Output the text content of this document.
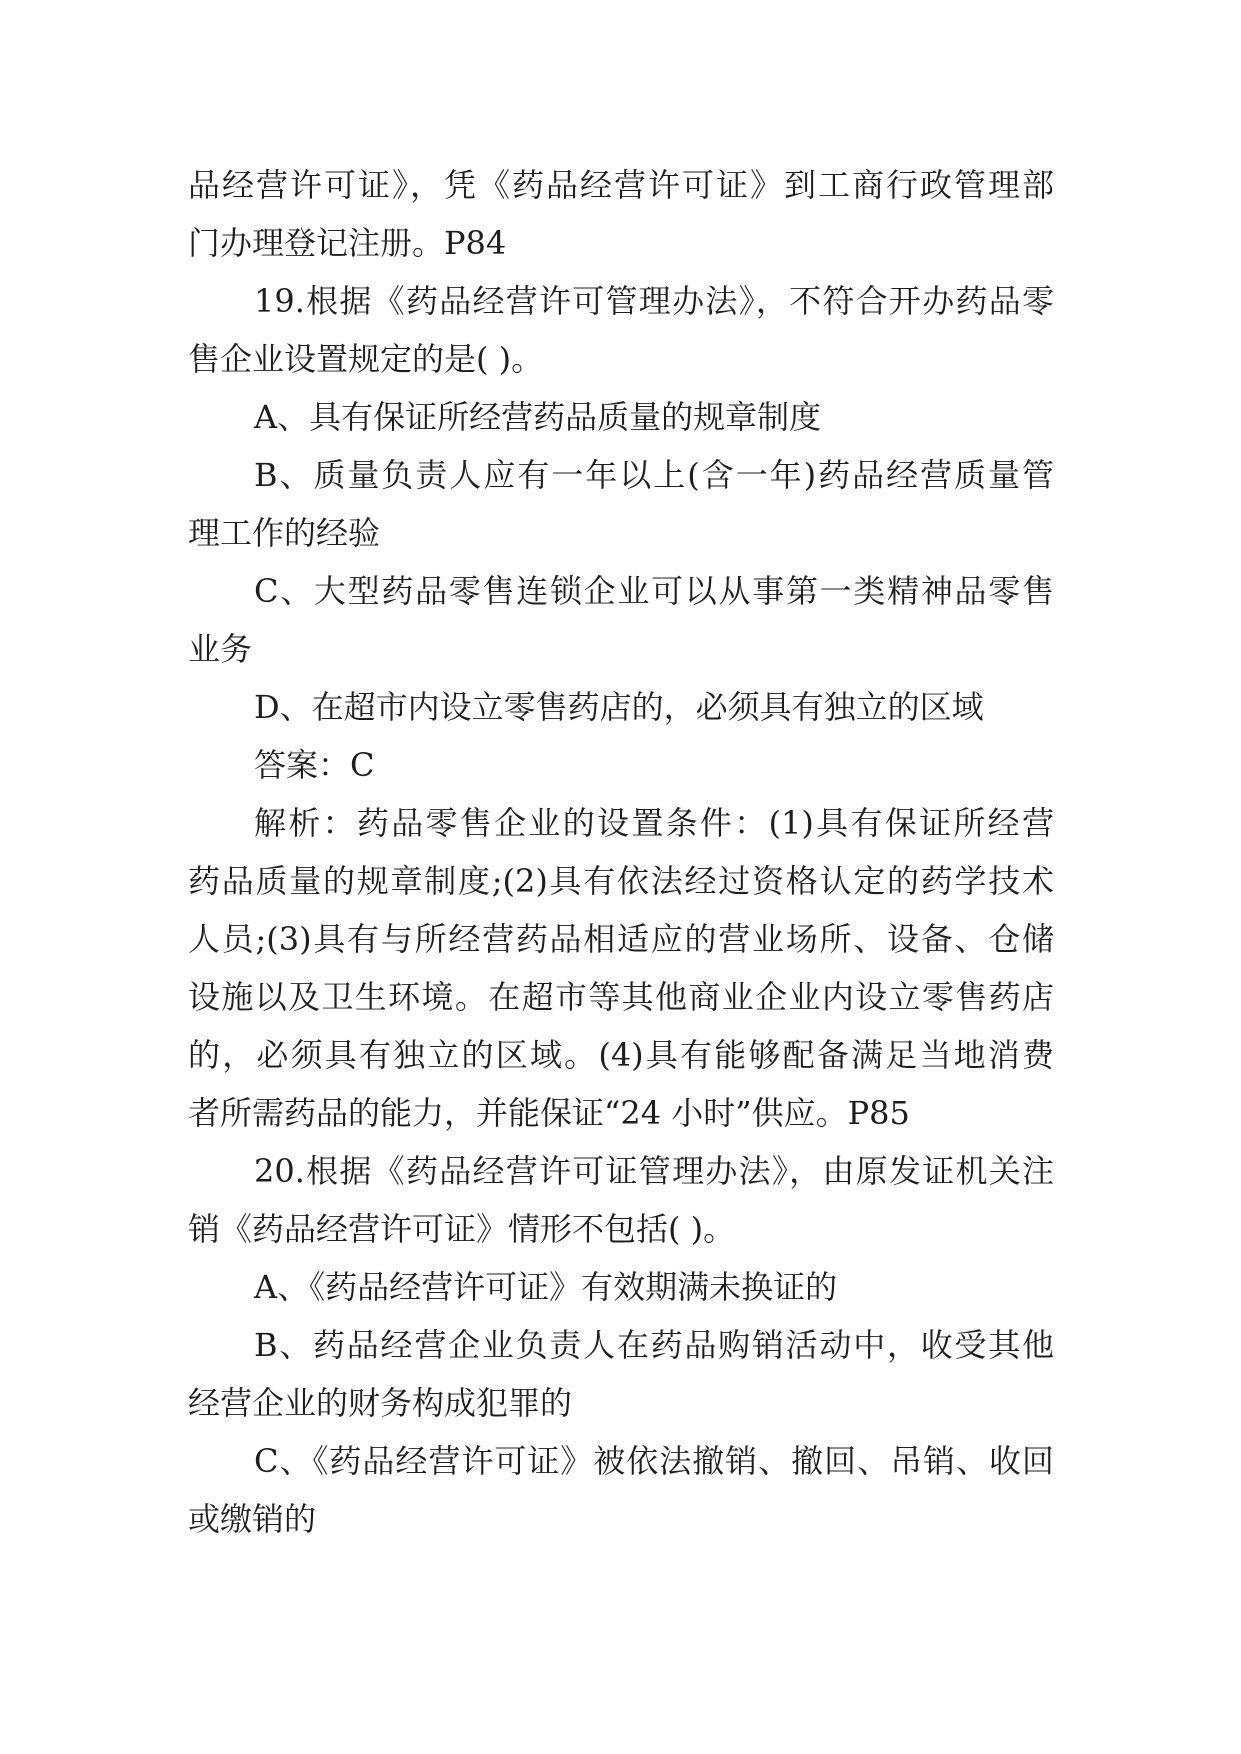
品经营许可证》，凭《药品经营许可证》到工商行政管理部
门办理登记注册。P84
19.根据《药品经营许可管理办法》，不符合开办药品零
售企业设置规定的是( )。
A、具有保证所经营药品质量的规章制度
B、质量负责人应有一年以上(含一年)药品经营质量管
理工作的经验
C、大型药品零售连锁企业可以从事第一类精神品零售
业务
D、在超市内设立零售药店的，必须具有独立的区域
答案：C
解析：药品零售企业的设置条件：(1)具有保证所经营
药品质量的规章制度;(2)具有依法经过资格认定的药学技术
人员;(3)具有与所经营药品相适应的营业场所、设备、仓储
设施以及卫生环境。在超市等其他商业企业内设立零售药店
的，必须具有独立的区域。(4)具有能够配备满足当地消费
者所需药品的能力，并能保证“24 小时”供应。P85
20.根据《药品经营许可证管理办法》，由原发证机关注
销《药品经营许可证》情形不包括( )。
A、《药品经营许可证》有效期满未换证的
B、药品经营企业负责人在药品购销活动中，收受其他
经营企业的财务构成犯罪的
C、《药品经营许可证》被依法撤销、撤回、吊销、收回
或缴销的
